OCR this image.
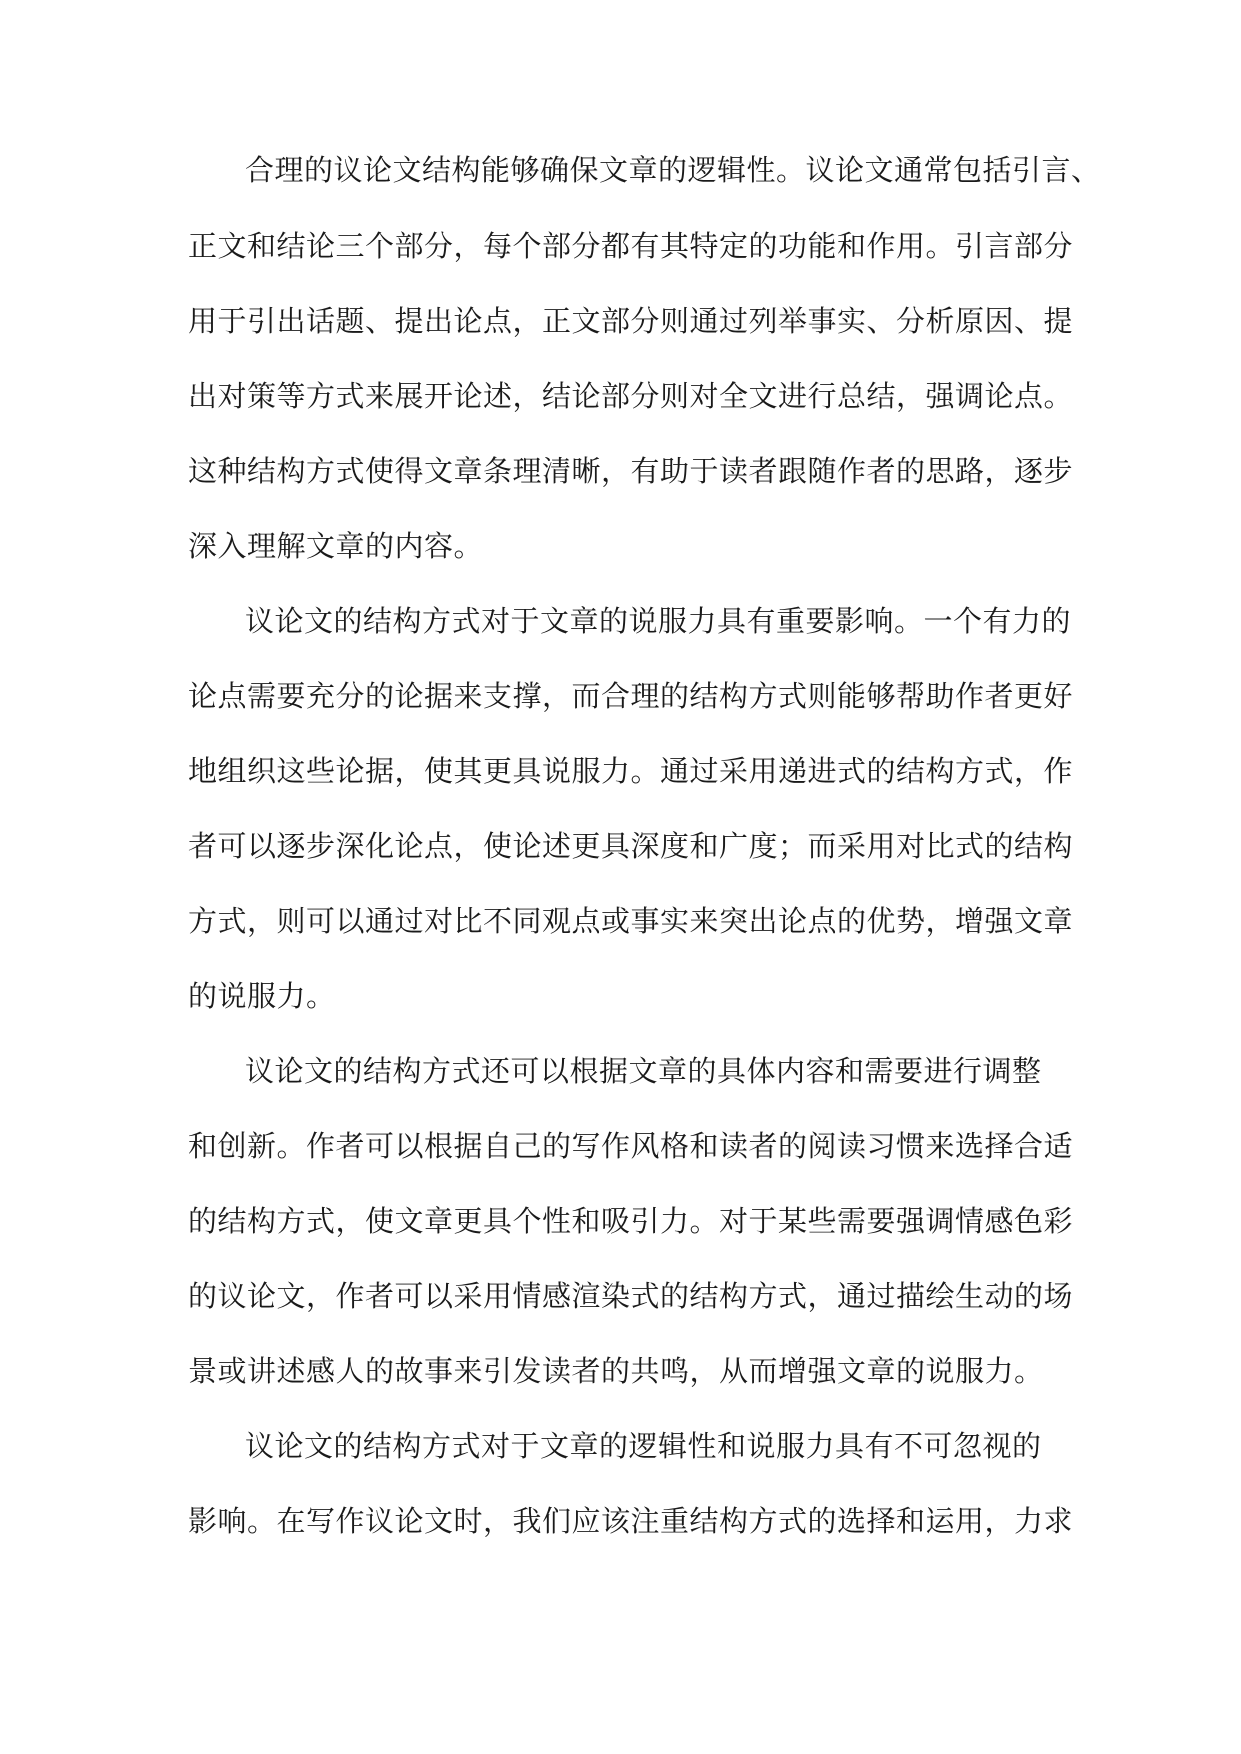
合理的议论文结构能够确保文章的逻辑性。议论文通常包括引言、
正文和结论三个部分，每个部分都有其特定的功能和作用。引言部分
用于引出话题、提出论点，正文部分则通过列举事实、分析原因、提
出对策等方式来展开论述，结论部分则对全文进行总结，强调论点。
这种结构方式使得文章条理清晰，有助于读者跟随作者的思路，逐步
深入理解文章的内容。
议论文的结构方式对于文章的说服力具有重要影响。一个有力的
论点需要充分的论据来支撑，而合理的结构方式则能够帮助作者更好
地组织这些论据，使其更具说服力。通过采用递进式的结构方式，作
者可以逐步深化论点，使论述更具深度和广度；而采用对比式的结构
方式，则可以通过对比不同观点或事实来突出论点的优势，增强文章
的说服力。
议论文的结构方式还可以根据文章的具体内容和需要进行调整
和创新。作者可以根据自己的写作风格和读者的阅读习惯来选择合适
的结构方式，使文章更具个性和吸引力。对于某些需要强调情感色彩
的议论文，作者可以采用情感渲染式的结构方式，通过描绘生动的场
景或讲述感人的故事来引发读者的共鸣，从而增强文章的说服力。
议论文的结构方式对于文章的逻辑性和说服力具有不可忽视的
影响。在写作议论文时，我们应该注重结构方式的选择和运用，力求
